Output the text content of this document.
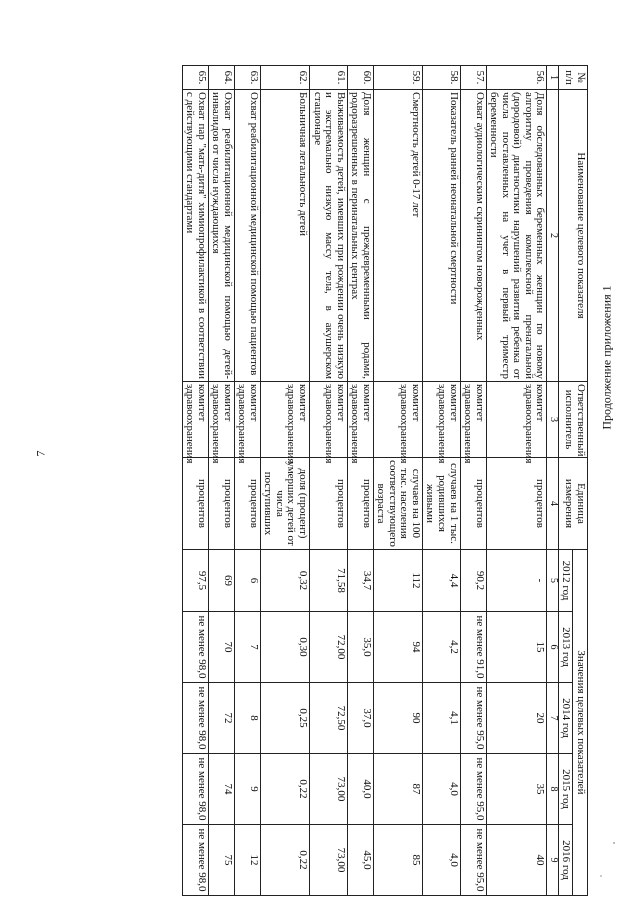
7
Продолжение приложения 1
№ п/п	Наименование целевого показателя	Ответственный исполнитель	Единица измерения	Значения целевых показателей				
				2012 год	2013 год	2014 год	2015 год	2016 год
1	2	3	4	5	6	7	8	9
56.	Доля обследованных беременных женщин по новому алгоритму проведения комплексной пренатальной (дородовой) диагностики нарушений развития ребенка от числа поставленных на учет в первый триместр беременности	комитет здравоохранения	процентов	-	15	20	35	40
57.	Охват аудиологическим скринингом новорожденных	комитет здравоохранения	процентов	90,2	не менее 91,0	не менее 95,0	не менее 95,0	не менее 95,0
58.	Показатель ранней неонатальной смертности	комитет здравоохранения	случаев на 1 тыс. родившихся живыми	4,4	4,2	4,1	4,0	4,0
59.	Смертность детей 0-17 лет	комитет здравоохранения	случаев на 100 тыс. населения соответствующего возраста	112	94	90	87	85
60.	Доля женщин с преждевременными родами, родоразрешенных в перинатальных центрах	комитет здравоохранения	процентов	34,7	35,0	37,0	40,0	45,0
61.	Выживаемость детей, имевших при рождении очень низкую и экстремально низкую массу тела, в акушерском стационаре	комитет здравоохранения	процентов	71,58	72,00	72,50	73,00	73,00
62.	Больничная летальность детей	комитет здравоохранения	доля (процент) умерших детей от числа поступивших	0,32	0,30	0,25	0,22	0,22
63.	Охват реабилитационной медицинской помощью пациентов	комитет здравоохранения	процентов	6	7	8	9	12
64.	Охват реабилитационной медицинской помощью детей-инвалидов от числа нуждающихся	комитет здравоохранения	процентов	69	70	72	74	75
65.	Охват пар "мать-дитя" химиопрофилактикой в соответствии с действующими стандартами	комитет здравоохранения	процентов	97,5	не менее 98,0	не менее 98,0	не менее 98,0	не менее 98,0
